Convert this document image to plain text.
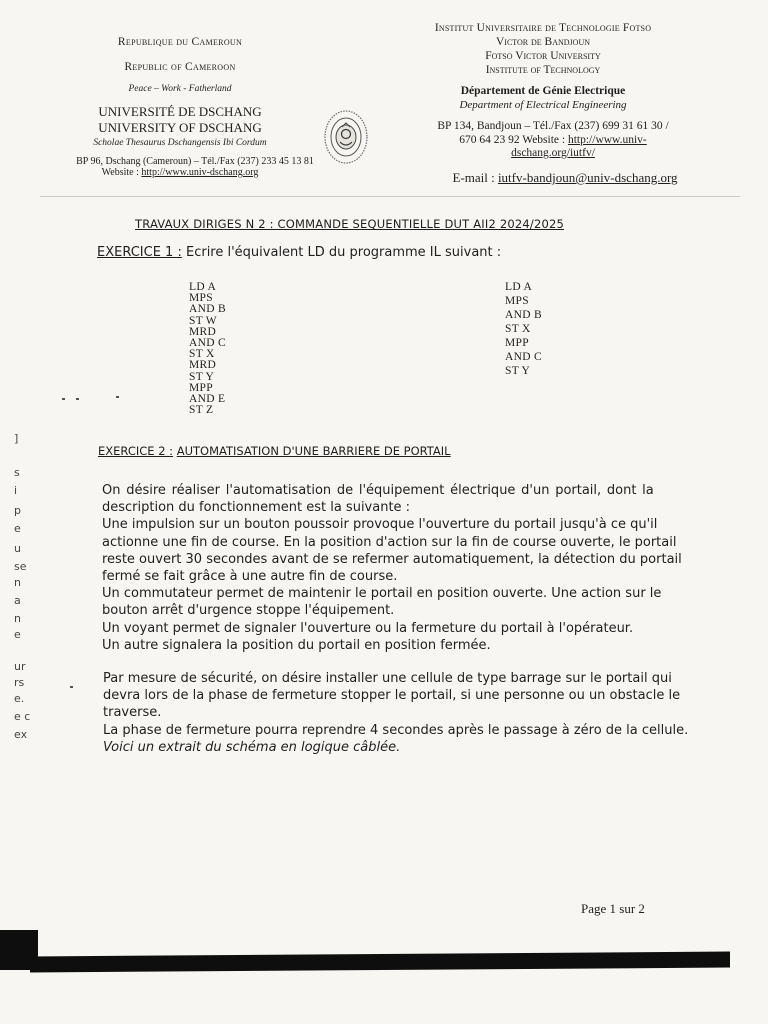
Republique du Cameroun
Republic of Cameroon
Peace – Work - Fatherland
UNIVERSITÉ DE DSCHANG
UNIVERSITY OF DSCHANG
Scholae Thesaurus Dschangensis Ibi Cordum
BP 96, Dschang (Cameroun) – Tél./Fax (237) 233 45 13 81
Website : http://www.univ-dschang.org
Institut Universitaire de Technologie Fotso
Victor de Bandjoun
Fotso Victor University
Institute of Technology
Département de Génie Electrique
Department of Electrical Engineering
BP 134, Bandjoun – Tél./Fax (237) 699 31 61 30 /
670 64 23 92 Website : http://www.univ-
dschang.org/iutfv/
E-mail : iutfv-bandjoun@univ-dschang.org
TRAVAUX DIRIGES N 2 : COMMANDE SEQUENTIELLE DUT AII2 2024/2025
EXERCICE 1 : Ecrire l'équivalent LD du programme IL suivant :
LD A
MPS
AND B
ST W
MRD
AND C
ST X
MRD
ST Y
MPP
AND E
ST Z
LD A
MPS
AND B
ST X
MPP
AND C
ST Y
EXERCICE 2 : AUTOMATISATION D'UNE BARRIERE DE PORTAIL

On désire réaliser l'automatisation de l'équipement électrique d'un portail, dont la

description du fonctionnement est la suivante :

Une impulsion sur un bouton poussoir provoque l'ouverture du portail jusqu'à ce qu'il

actionne une fin de course. En la position d'action sur la fin de course ouverte, le portail

reste ouvert 30 secondes avant de se refermer automatiquement, la détection du portail

fermé se fait grâce à une autre fin de course.

Un commutateur permet de maintenir le portail en position ouverte. Une action sur le

bouton arrêt d'urgence stoppe l'équipement.

Un voyant permet de signaler l'ouverture ou la fermeture du portail à l'opérateur.

Un autre signalera la position du portail en position fermée.

Par mesure de sécurité, on désire installer une cellule de type barrage sur le portail qui

devra lors de la phase de fermeture stopper le portail, si une personne ou un obstacle le

traverse.

La phase de fermeture pourra reprendre 4 secondes après le passage à zéro de la cellule.

Voici un extrait du schéma en logique câblée.

]
s
i
p
e
u
se
n
a
n
e
ur
rs
e.
e c
ex
Page 1 sur 2
